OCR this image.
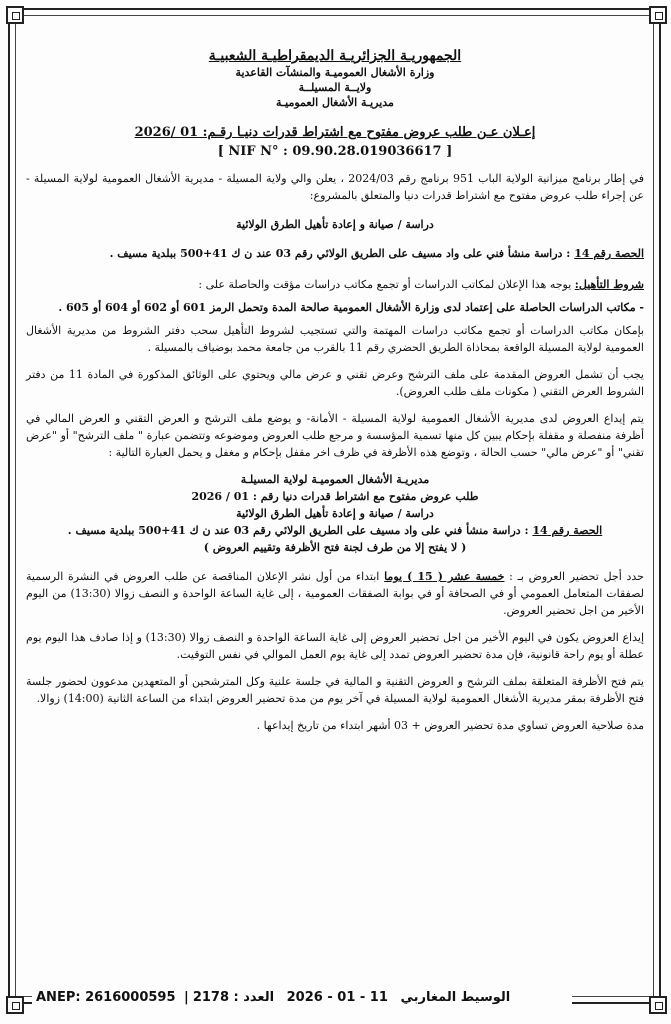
الجمهوريـة الجزائريـة الديمقراطيـة الشعبيـة

وزارة الأشغال العموميـة والمنشآت القاعدية

ولايــة المسيلــة

مديريـة الأشغال العموميـة

إعـلان عـن طلب عروض مفتوح مع اشتراط قدرات دنيـا رقـم: 01 /2026

[ NIF N° : 09.90.28.019036617 ]

في إطار برنامج ميزانية الولاية الباب 951 برنامج رقم 2024/03 ، يعلن والي ولاية المسيلة - مديرية الأشغال العمومية لولاية المسيلة - عن إجراء طلب عروض مفتوح مع اشتراط قدرات دنيا والمتعلق بالمشروع:

دراسة / صيانة و إعادة تأهيل الطرق الولائية

الحصة رقم 14 : دراسة منشأ فني على واد مسيف على الطريق الولائي رقم 03 عند ن ك 41+500 ببلدية مسيف .

شروط التأهيل: يوجه هذا الإعلان لمكاتب الدراسات أو تجمع مكاتب دراسات مؤقت والحاصلة على :

- مكاتب الدراسات الحاصلة على إعتماد لدى وزارة الأشغال العمومية صالحة المدة وتحمل الرمز 601 أو 602 أو 604 أو 605 .

بإمكان مكاتب الدراسات أو تجمع مكاتب دراسات المهتمة والتي تستجيب لشروط التأهيل سحب دفتر الشروط من مديرية الأشغال العمومية لولاية المسيلة الواقعة بمحاذاة الطريق الحضري رقم 11 بالقرب من جامعة محمد بوضياف بالمسيلة .

يجب أن تشمل العروض المقدمة على ملف الترشح وعرض تقني و عرض مالي ويحتوي على الوثائق المذكورة في المادة 11 من دفتر الشروط العرض التقني ( مكونات ملف طلب العروض).

يتم إيداع العروض لدى مديرية الأشغال العمومية لولاية المسيلة - الأمانة- و يوضع ملف الترشح و العرض التقني و العرض المالي في أظرفة منفصلة و مقفلة بإحكام يبين كل منها تسمية المؤسسة و مرجع طلب العروض وموضوعه وتتضمن عبارة " ملف الترشح" أو "عرض تقني" أو "عرض مالي" حسب الحالة ، وتوضع هذه الأظرفة في ظرف اخر مقفل بإحكام و مغفل و يحمل العبارة التالية :

مديريـة الأشغال العموميـة لولاية المسيلـة

طلب عروض مفتوح مع اشتراط قدرات دنيا رقم : 01 / 2026

دراسة / صيانة و إعادة تأهيل الطرق الولائية

الحصة رقم 14 : دراسة منشأ فني على واد مسيف على الطريق الولائي رقم 03 عند ن ك 41+500 ببلدية مسيف .

( لا يفتح إلا من طرف لجنة فتح الأظرفة وتقييم العروض )

حدد أجل تحضير العروض بـ : خمسة عشر ( 15 ) يوما ابتداء من أول نشر الإعلان المناقصة عن طلب العروض في النشرة الرسمية لصفقات المتعامل العمومي أو في الصحافة أو في بوابة الصفقات العمومية ، إلى غاية الساعة الواحدة و النصف زوالا (13:30) من اليوم الأخير من اجل تحضير العروض.

إيداع العروض يكون في اليوم الأخير من اجل تحضير العروض إلى غاية الساعة الواحدة و النصف زوالا (13:30) و إذا صادف هذا اليوم يوم عطلة أو يوم راحة قانونية، فإن مدة تحضير العروض تمدد إلى غاية يوم العمل الموالي في نفس التوقيت.

يتم فتح الأظرفة المتعلقة بملف الترشح و العروض التقنية و المالية في جلسة علنية وكل المترشحين أو المتعهدين مدعوون لحضور جلسة فتح الأظرفة بمقر مديرية الأشغال العمومية لولاية المسيلة في آخر يوم من مدة تحضير العروض ابتداء من الساعة الثانية (14:00) زوالا.

مدة صلاحية العروض تساوي مدة تحضير العروض + 03 أشهر ابتداء من تاريخ إيداعها .

الوسيط المغاربي 2026 - 01 - 11 العدد : 2178| ANEP: 2616000595
